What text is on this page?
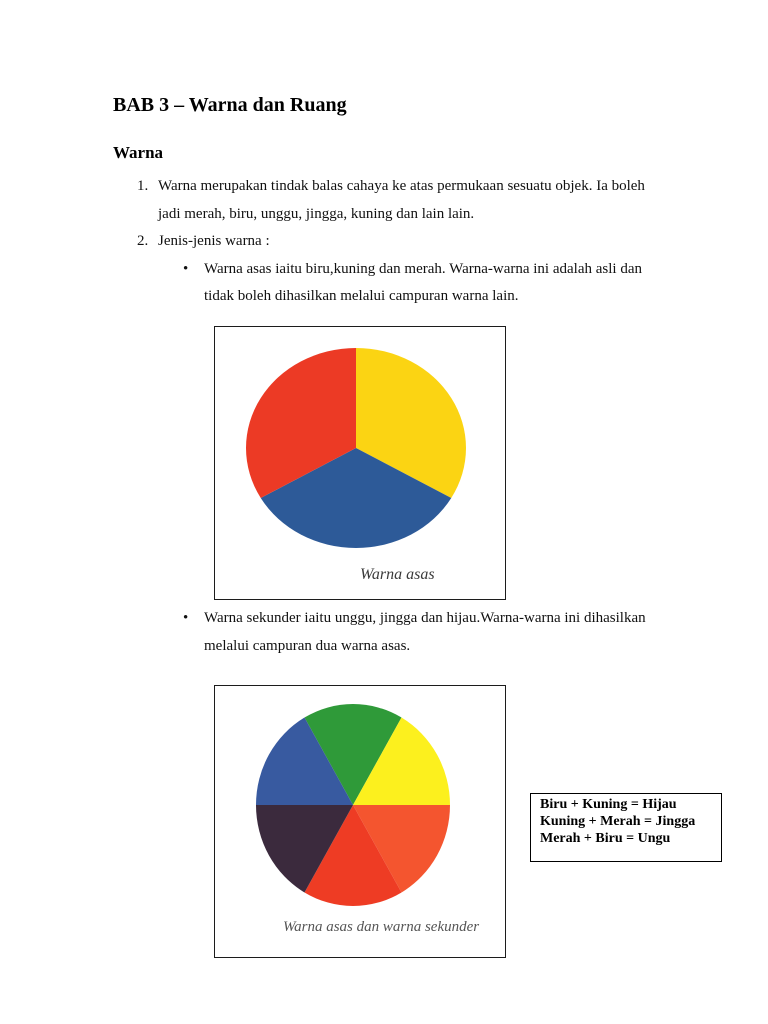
BAB 3 – Warna dan Ruang
Warna
1. Warna merupakan tindak balas cahaya ke atas permukaan sesuatu objek. Ia boleh
jadi merah, biru, unggu, jingga, kuning dan lain lain.
2. Jenis-jenis warna :
• Warna asas iaitu biru,kuning dan merah. Warna-warna ini adalah asli dan
tidak boleh dihasilkan melalui campuran warna lain.
Warna asas
• Warna sekunder iaitu unggu, jingga dan hijau.Warna-warna ini dihasilkan
melalui campuran dua warna asas.
Warna asas dan warna sekunder
Biru + Kuning = Hijau
Kuning + Merah = Jingga
Merah + Biru = Ungu
